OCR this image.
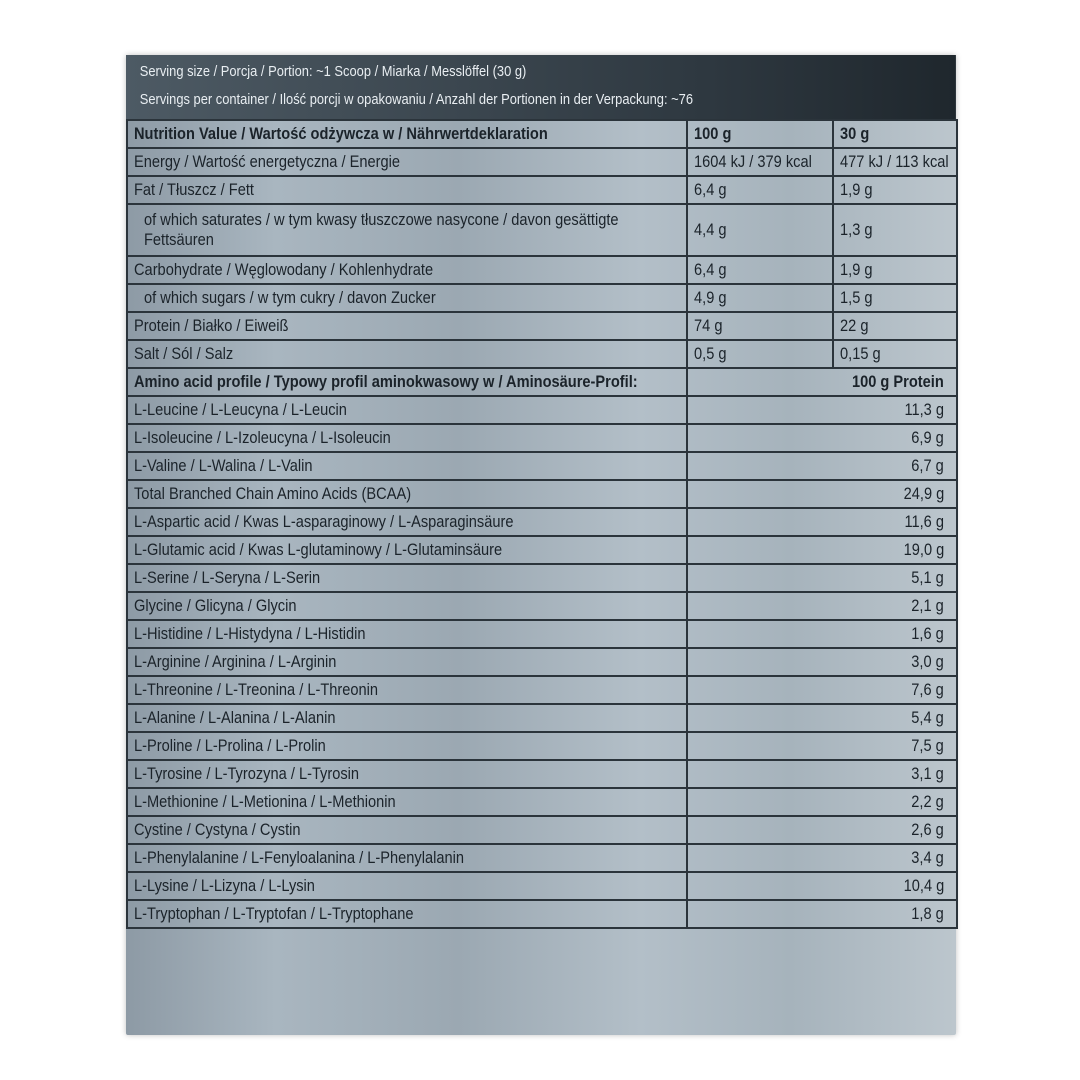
Serving size / Porcja / Portion: ~1 Scoop / Miarka / Messlöffel (30 g)
Servings per container / Ilość porcji w opakowaniu / Anzahl der Portionen in der Verpackung: ~76
Nutrition Value / Wartość odżywcza w / Nährwertdeklaration	100 g	30 g
Energy / Wartość energetyczna / Energie	1604 kJ / 379 kcal	477 kJ / 113 kcal
Fat / Tłuszcz / Fett	6,4 g	1,9 g
of which saturates / w tym kwasy tłuszczowe nasycone / davon gesättigte Fettsäuren	4,4 g	1,3 g
Carbohydrate / Węglowodany / Kohlenhydrate	6,4 g	1,9 g
of which sugars / w tym cukry / davon Zucker	4,9 g	1,5 g
Protein / Białko / Eiweiß	74 g	22 g
Salt / Sól / Salz	0,5 g	0,15 g
Amino acid profile / Typowy profil aminokwasowy w / Aminosäure-Profil:	100 g Protein	
L-Leucine / L-Leucyna / L-Leucin	11,3 g	
L-Isoleucine / L-Izoleucyna / L-Isoleucin	6,9 g	
L-Valine / L-Walina / L-Valin	6,7 g	
Total Branched Chain Amino Acids (BCAA)	24,9 g	
L-Aspartic acid / Kwas L-asparaginowy / L-Asparaginsäure	11,6 g	
L-Glutamic acid / Kwas L-glutaminowy / L-Glutaminsäure	19,0 g	
L-Serine / L-Seryna / L-Serin	5,1 g	
Glycine / Glicyna / Glycin	2,1 g	
L-Histidine / L-Histydyna / L-Histidin	1,6 g	
L-Arginine / Arginina / L-Arginin	3,0 g	
L-Threonine / L-Treonina / L-Threonin	7,6 g	
L-Alanine / L-Alanina / L-Alanin	5,4 g	
L-Proline / L-Prolina / L-Prolin	7,5 g	
L-Tyrosine / L-Tyrozyna / L-Tyrosin	3,1 g	
L-Methionine / L-Metionina / L-Methionin	2,2 g	
Cystine / Cystyna / Cystin	2,6 g	
L-Phenylalanine / L-Fenyloalanina / L-Phenylalanin	3,4 g	
L-Lysine / L-Lizyna / L-Lysin	10,4 g	
L-Tryptophan / L-Tryptofan / L-Tryptophane	1,8 g	
